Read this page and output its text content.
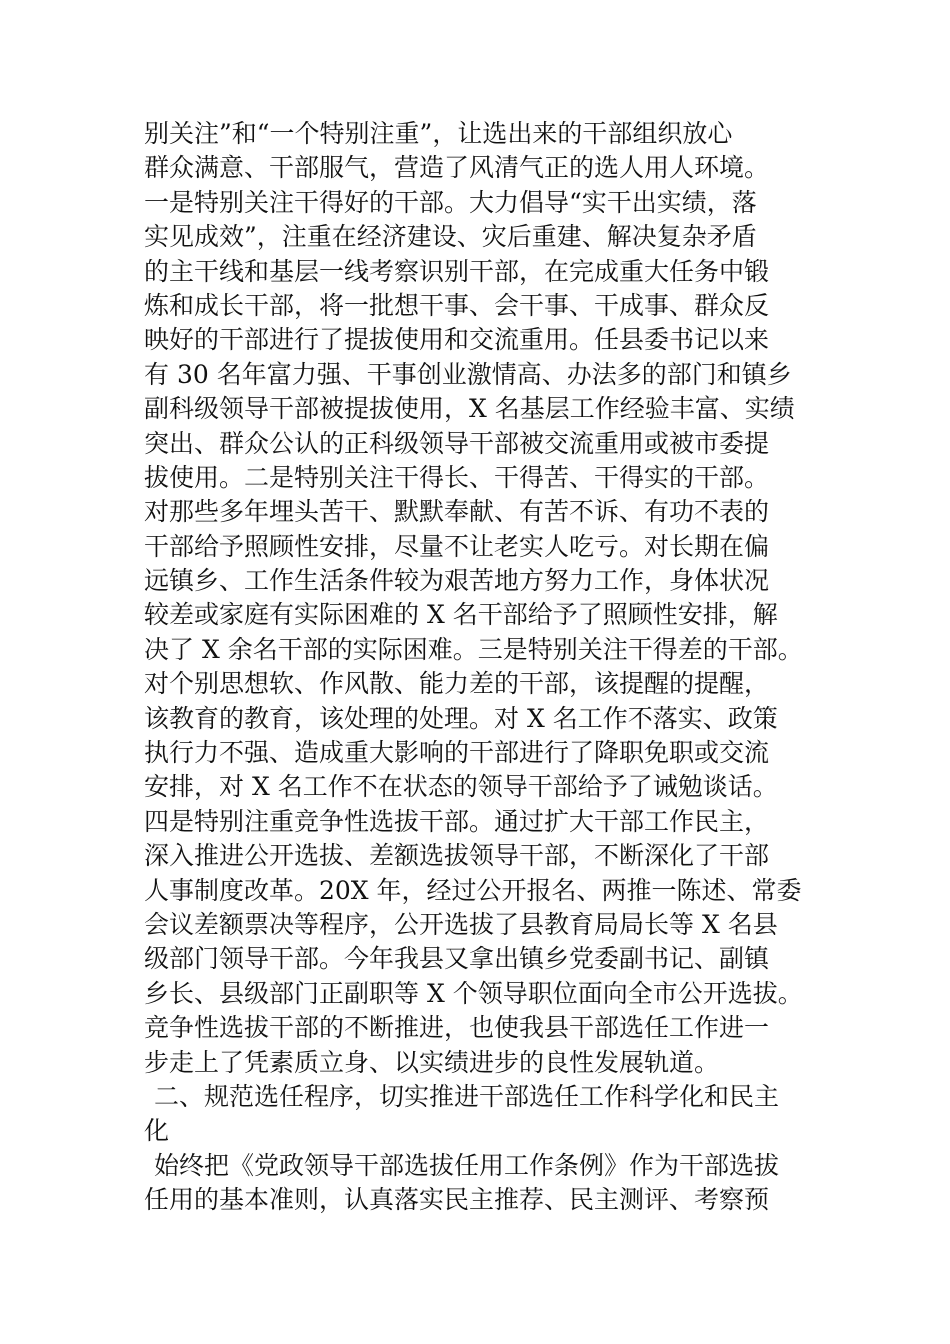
别关注”和“一个特别注重”，让选出来的干部组织放心
群众满意、干部服气，营造了风清气正的选人用人环境。
一是特别关注干得好的干部。大力倡导“实干出实绩，落
实见成效”，注重在经济建设、灾后重建、解决复杂矛盾
的主干线和基层一线考察识别干部，在完成重大任务中锻
炼和成长干部，将一批想干事、会干事、干成事、群众反
映好的干部进行了提拔使用和交流重用。任县委书记以来
有 30 名年富力强、干事创业激情高、办法多的部门和镇乡
副科级领导干部被提拔使用，X 名基层工作经验丰富、实绩
突出、群众公认的正科级领导干部被交流重用或被市委提
拔使用。二是特别关注干得长、干得苦、干得实的干部。
对那些多年埋头苦干、默默奉献、有苦不诉、有功不表的
干部给予照顾性安排，尽量不让老实人吃亏。对长期在偏
远镇乡、工作生活条件较为艰苦地方努力工作，身体状况
较差或家庭有实际困难的 X 名干部给予了照顾性安排，解
决了 X 余名干部的实际困难。三是特别关注干得差的干部。
对个别思想软、作风散、能力差的干部，该提醒的提醒，
该教育的教育，该处理的处理。对 X 名工作不落实、政策
执行力不强、造成重大影响的干部进行了降职免职或交流
安排，对 X 名工作不在状态的领导干部给予了诫勉谈话。
四是特别注重竞争性选拔干部。通过扩大干部工作民主，
深入推进公开选拔、差额选拔领导干部，不断深化了干部
人事制度改革。20X 年，经过公开报名、两推一陈述、常委
会议差额票决等程序，公开选拔了县教育局局长等 X 名县
级部门领导干部。今年我县又拿出镇乡党委副书记、副镇
乡长、县级部门正副职等 X 个领导职位面向全市公开选拔。
竞争性选拔干部的不断推进，也使我县干部选任工作进一
步走上了凭素质立身、以实绩进步的良性发展轨道。
二、规范选任程序，切实推进干部选任工作科学化和民主
化
始终把《党政领导干部选拔任用工作条例》作为干部选拔
任用的基本准则，认真落实民主推荐、民主测评、考察预
